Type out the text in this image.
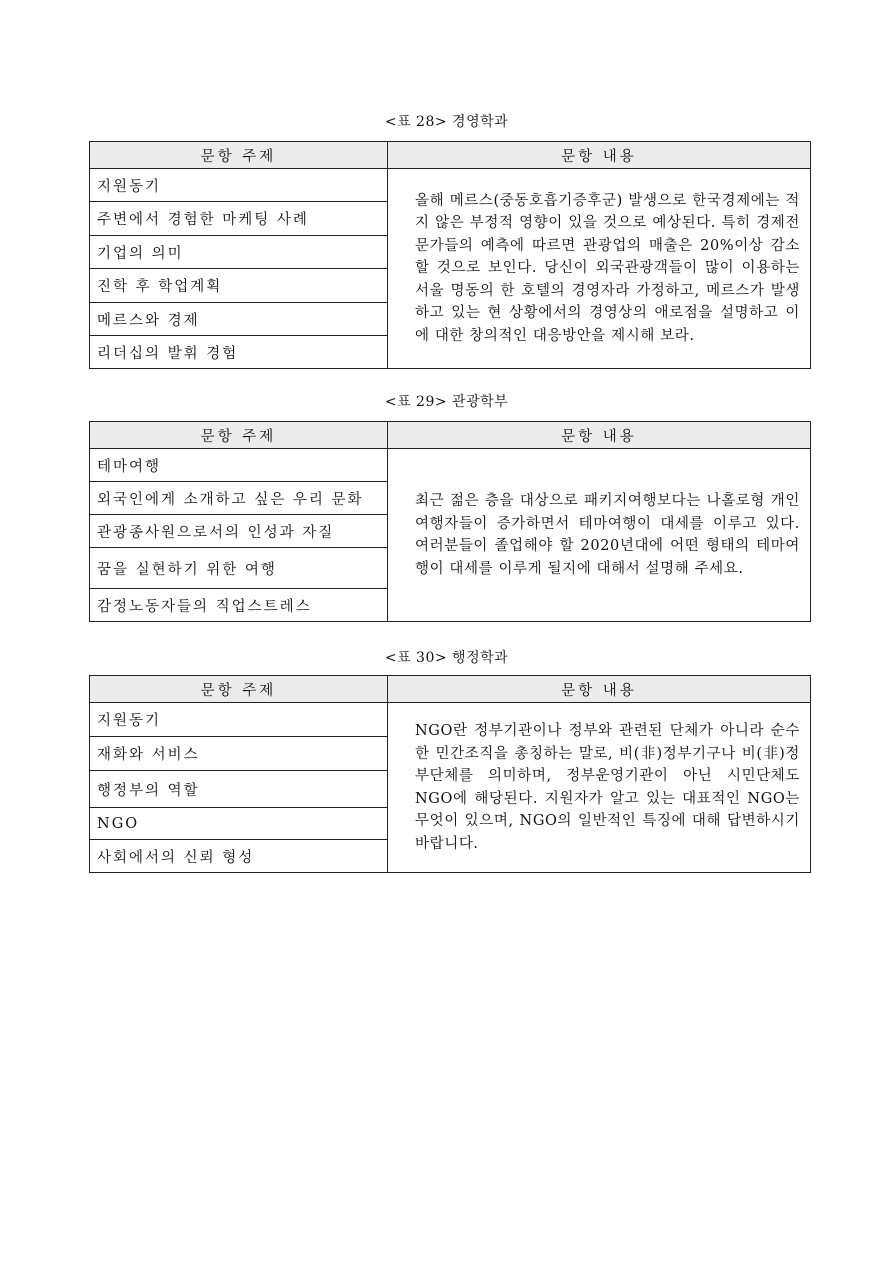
<표 28> 경영학과
문항 주제	문항 내용
지원동기	올해 메르스(중동호흡기증후군) 발생으로 한국경제에는 적지 않은 부정적 영향이 있을 것으로 예상된다. 특히 경제전문가들의 예측에 따르면 관광업의 매출은 20%이상 감소할 것으로 보인다. 당신이 외국관광객들이 많이 이용하는 서울 명동의 한 호텔의 경영자라 가정하고, 메르스가 발생하고 있는 현 상황에서의 경영상의 애로점을 설명하고 이에 대한 창의적인 대응방안을 제시해 보라.
주변에서 경험한 마케팅 사례	
기업의 의미	
진학 후 학업계획	
메르스와 경제	
리더십의 발휘 경험	
<표 29> 관광학부
문항 주제	문항 내용
테마여행	최근 젊은 층을 대상으로 패키지여행보다는 나홀로형 개인여행자들이 증가하면서 테마여행이 대세를 이루고 있다. 여러분들이 졸업해야 할 2020년대에 어떤 형태의 테마여행이 대세를 이루게 될지에 대해서 설명해 주세요.
외국인에게 소개하고 싶은 우리 문화	
관광종사원으로서의 인성과 자질	
꿈을 실현하기 위한 여행	
감정노동자들의 직업스트레스	
<표 30> 행정학과
문항 주제	문항 내용
지원동기	NGO란 정부기관이나 정부와 관련된 단체가 아니라 순수한 민간조직을 총칭하는 말로, 비(非)정부기구나 비(非)정부단체를 의미하며, 정부운영기관이 아닌 시민단체도 NGO에 해당된다. 지원자가 알고 있는 대표적인 NGO는 무엇이 있으며, NGO의 일반적인 특징에 대해 답변하시기 바랍니다.
재화와 서비스	
행정부의 역할	
NGO	
사회에서의 신뢰 형성	
